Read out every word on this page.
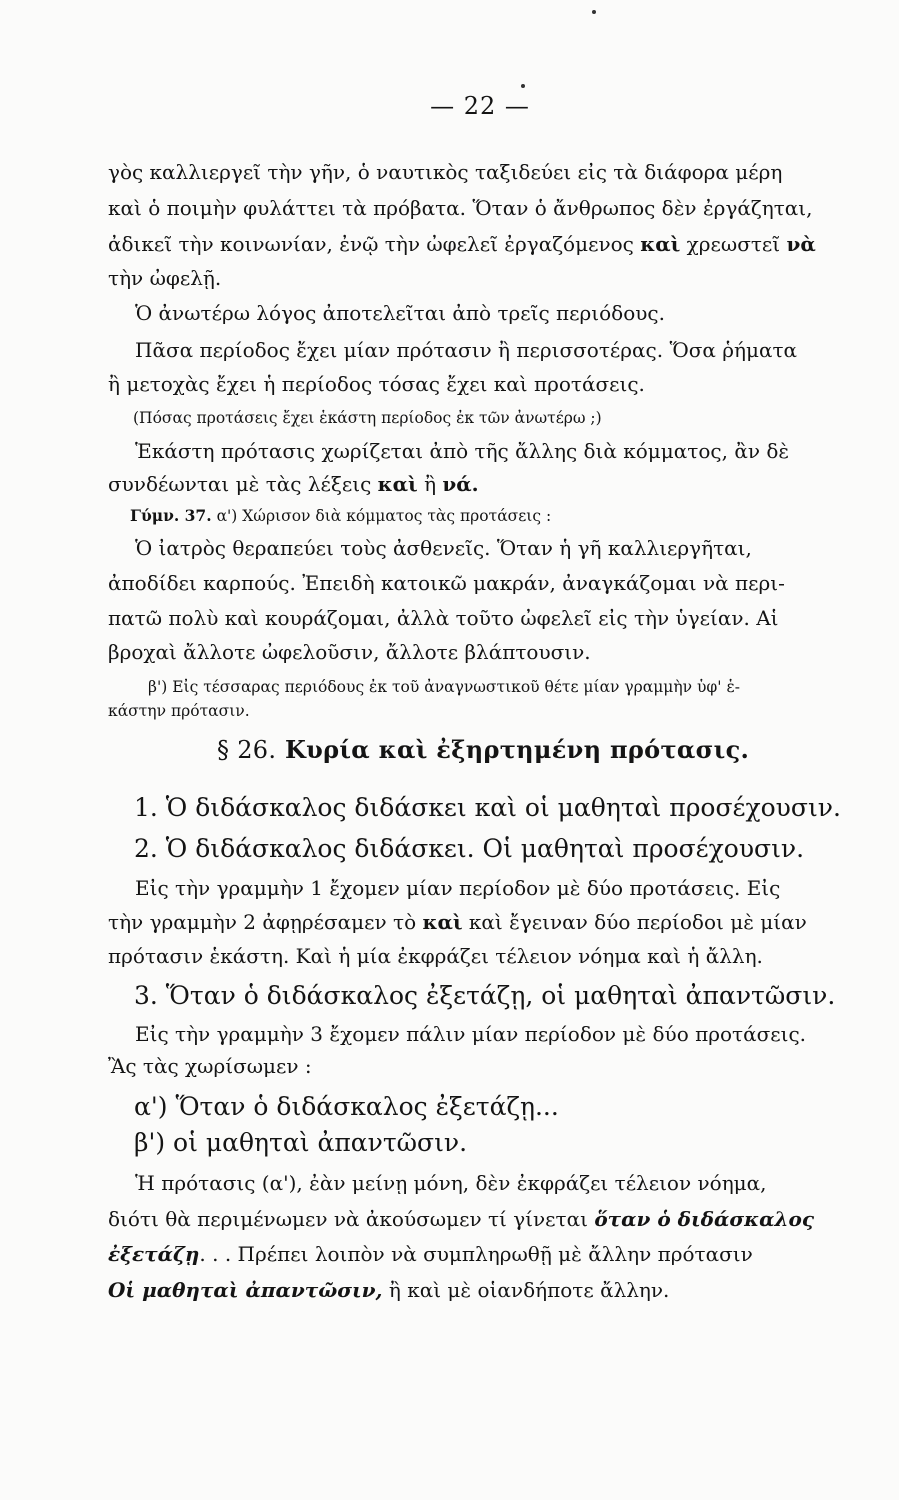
— 22 —
γὸς καλλιεργεῖ τὴν γῆν, ὁ ναυτικὸς ταξιδεύει εἰς τὰ διάφορα μέρη
καὶ ὁ ποιμὴν φυλάττει τὰ πρόβατα. Ὅταν ὁ ἄνθρωπος δὲν ἐργάζηται,
ἀδικεῖ τὴν κοινωνίαν, ἐνῷ τὴν ὠφελεῖ ἐργαζόμενος καὶ χρεωστεῖ νὰ
τὴν ὠφελῇ.
Ὁ ἀνωτέρω λόγος ἀποτελεῖται ἀπὸ τρεῖς περιόδους.
Πᾶσα περίοδος ἔχει μίαν πρότασιν ἢ περισσοτέρας. Ὅσα ῥήματα
ἢ μετοχὰς ἔχει ἡ περίοδος τόσας ἔχει καὶ προτάσεις.
(Πόσας προτάσεις ἔχει ἑκάστη περίοδος ἐκ τῶν ἀνωτέρω ;)
Ἑκάστη πρότασις χωρίζεται ἀπὸ τῆς ἄλλης διὰ κόμματος, ἂν δὲ
συνδέωνται μὲ τὰς λέξεις καὶ ἢ νά.
Γύμν. 37. α') Χώρισον διὰ κόμματος τὰς προτάσεις :
Ὁ ἰατρὸς θεραπεύει τοὺς ἀσθενεῖς. Ὅταν ἡ γῆ καλλιεργῆται,
ἀποδίδει καρπούς. Ἐπειδὴ κατοικῶ μακράν, ἀναγκάζομαι νὰ περι-
πατῶ πολὺ καὶ κουράζομαι, ἀλλὰ τοῦτο ὠφελεῖ εἰς τὴν ὑγείαν. Αἱ
βροχαὶ ἄλλοτε ὠφελοῦσιν, ἄλλοτε βλάπτουσιν.
β') Εἰς τέσσαρας περιόδους ἐκ τοῦ ἀναγνωστικοῦ θέτε μίαν γραμμὴν ὑφ' ἑ-
κάστην πρότασιν.
§ 26. Κυρία καὶ ἐξηρτημένη πρότασις.
1. Ὁ διδάσκαλος διδάσκει καὶ οἱ μαθηταὶ προσέχουσιν.
2. Ὁ διδάσκαλος διδάσκει. Οἱ μαθηταὶ προσέχουσιν.
Εἰς τὴν γραμμὴν 1 ἔχομεν μίαν περίοδον μὲ δύο προτάσεις. Εἰς
τὴν γραμμὴν 2 ἀφῃρέσαμεν τὸ καὶ καὶ ἔγειναν δύο περίοδοι μὲ μίαν
πρότασιν ἑκάστη. Καὶ ἡ μία ἐκφράζει τέλειον νόημα καὶ ἡ ἄλλη.
3. Ὅταν ὁ διδάσκαλος ἐξετάζῃ, οἱ μαθηταὶ ἀπαντῶσιν.
Εἰς τὴν γραμμὴν 3 ἔχομεν πάλιν μίαν περίοδον μὲ δύο προτάσεις.
Ἂς τὰς χωρίσωμεν :
α') Ὅταν ὁ διδάσκαλος ἐξετάζῃ...
β') οἱ μαθηταὶ ἀπαντῶσιν.
Ἡ πρότασις (α'), ἐὰν μείνῃ μόνη, δὲν ἐκφράζει τέλειον νόημα,
διότι θὰ περιμένωμεν νὰ ἀκούσωμεν τί γίνεται ὅταν ὁ διδάσκαλος
ἐξετάζῃ. . . Πρέπει λοιπὸν νὰ συμπληρωθῇ μὲ ἄλλην πρότασιν
Οἱ μαθηταὶ ἀπαντῶσιν, ἢ καὶ μὲ οἱανδήποτε ἄλλην.
